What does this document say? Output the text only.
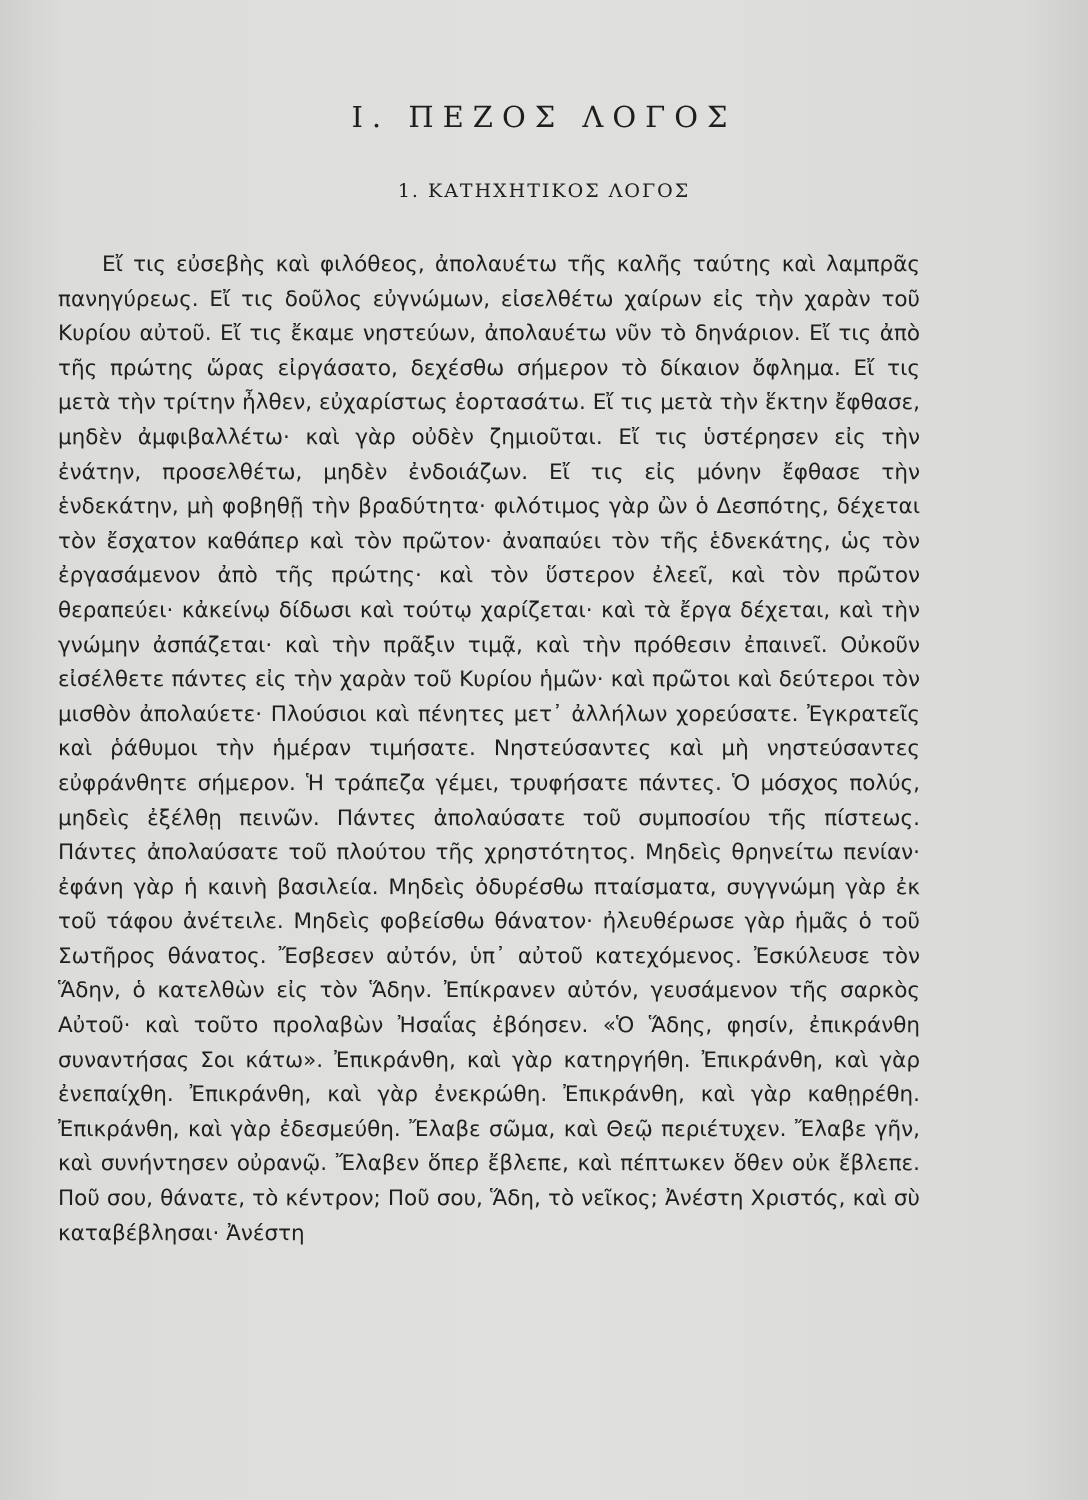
I. ΠΕΖΟΣ ΛΟΓΟΣ
1. ΚΑΤΗΧΗΤΙΚΟΣ ΛΟΓΟΣ

Εἴ τις εὐσεβὴς καὶ φιλόθεος, ἀπολαυέτω τῆς καλῆς ταύτης καὶ λαμπρᾶς πανηγύρεως. Εἴ τις δοῦλος εὐγνώμων, εἰσελθέτω χαίρων εἰς τὴν χαρὰν τοῦ Κυρίου αὐτοῦ. Εἴ τις ἔκαμε νηστεύων, ἀπολαυέτω νῦν τὸ δηνάριον. Εἴ τις ἀπὸ τῆς πρώτης ὥρας εἰργάσατο, δεχέσθω σήμερον τὸ δίκαιον ὄφλημα. Εἴ τις μετὰ τὴν τρίτην ἦλθεν, εὐχαρίστως ἑορτασάτω. Εἴ τις μετὰ τὴν ἕκτην ἔφθασε, μηδὲν ἀμφιβαλλέτω· καὶ γὰρ οὐδὲν ζημιοῦται. Εἴ τις ὑστέρησεν εἰς τὴν ἐνάτην, προσελθέτω, μηδὲν ἐνδοιάζων. Εἴ τις εἰς μόνην ἔφθασε τὴν ἑνδεκάτην, μὴ φοβηθῇ τὴν βραδύτητα· φιλότιμος γὰρ ὢν ὁ Δεσπότης, δέχεται τὸν ἔσχατον καθάπερ καὶ τὸν πρῶτον· ἀναπαύει τὸν τῆς ἑδνεκάτης, ὡς τὸν ἐργασάμενον ἀπὸ τῆς πρώτης· καὶ τὸν ὕστερον ἐλεεῖ, καὶ τὸν πρῶτον θεραπεύει· κἀκείνῳ δίδωσι καὶ τούτῳ χαρίζεται· καὶ τὰ ἔργα δέχεται, καὶ τὴν γνώμην ἀσπάζεται· καὶ τὴν πρᾶξιν τιμᾷ, καὶ τὴν πρόθεσιν ἐπαινεῖ. Οὐκοῦν εἰσέλθετε πάντες εἰς τὴν χαρὰν τοῦ Κυρίου ἡμῶν· καὶ πρῶτοι καὶ δεύτεροι τὸν μισθὸν ἀπολαύετε· Πλούσιοι καὶ πένητες μετ᾽ ἀλλήλων χορεύσατε. Ἐγκρατεῖς καὶ ῥάθυμοι τὴν ἡμέραν τιμήσατε. Νηστεύσαντες καὶ μὴ νηστεύσαντες εὐφράνθητε σήμερον. Ἡ τράπεζα γέμει, τρυφήσατε πάντες. Ὁ μόσχος πολύς, μηδεὶς ἐξέλθῃ πεινῶν. Πάντες ἀπολαύσατε τοῦ συμποσίου τῆς πίστεως. Πάντες ἀπολαύσατε τοῦ πλούτου τῆς χρηστότητος. Μηδεὶς θρηνείτω πενίαν· ἐφάνη γὰρ ἡ καινὴ βασιλεία. Μηδεὶς ὀδυρέσθω πταίσματα, συγγνώμη γὰρ ἐκ τοῦ τάφου ἀνέτειλε. Μηδεὶς φοβείσθω θάνατον· ἠλευθέρωσε γὰρ ἡμᾶς ὁ τοῦ Σωτῆρος θάνατος. Ἔσβεσεν αὐτόν, ὑπ᾽ αὐτοῦ κατεχόμενος. Ἐσκύλευσε τὸν Ἅδην, ὁ κατελθὼν εἰς τὸν Ἅδην. Ἐπίκρανεν αὐτόν, γευσάμενον τῆς σαρκὸς Αὐτοῦ· καὶ τοῦτο προλαβὼν Ἠσαΐας ἐβόησεν. «Ὁ Ἅδης, φησίν, ἐπικράνθη συναντήσας Σοι κάτω». Ἐπικράνθη, καὶ γὰρ κατηργήθη. Ἐπικράνθη, καὶ γὰρ ἐνεπαίχθη. Ἐπικράνθη, καὶ γὰρ ἐνεκρώθη. Ἐπικράνθη, καὶ γὰρ καθῃρέθη. Ἐπικράνθη, καὶ γὰρ ἐδεσμεύθη. Ἔλαβε σῶμα, καὶ Θεῷ περιέτυχεν. Ἔλαβε γῆν, καὶ συνήντησεν οὐρανῷ. Ἔλαβεν ὅπερ ἔβλεπε, καὶ πέπτωκεν ὅθεν οὐκ ἔβλεπε. Ποῦ σου, θάνατε, τὸ κέντρον; Ποῦ σου, Ἅδη, τὸ νεῖκος; Ἀνέστη Χριστός, καὶ σὺ καταβέβλησαι· Ἀνέστη
